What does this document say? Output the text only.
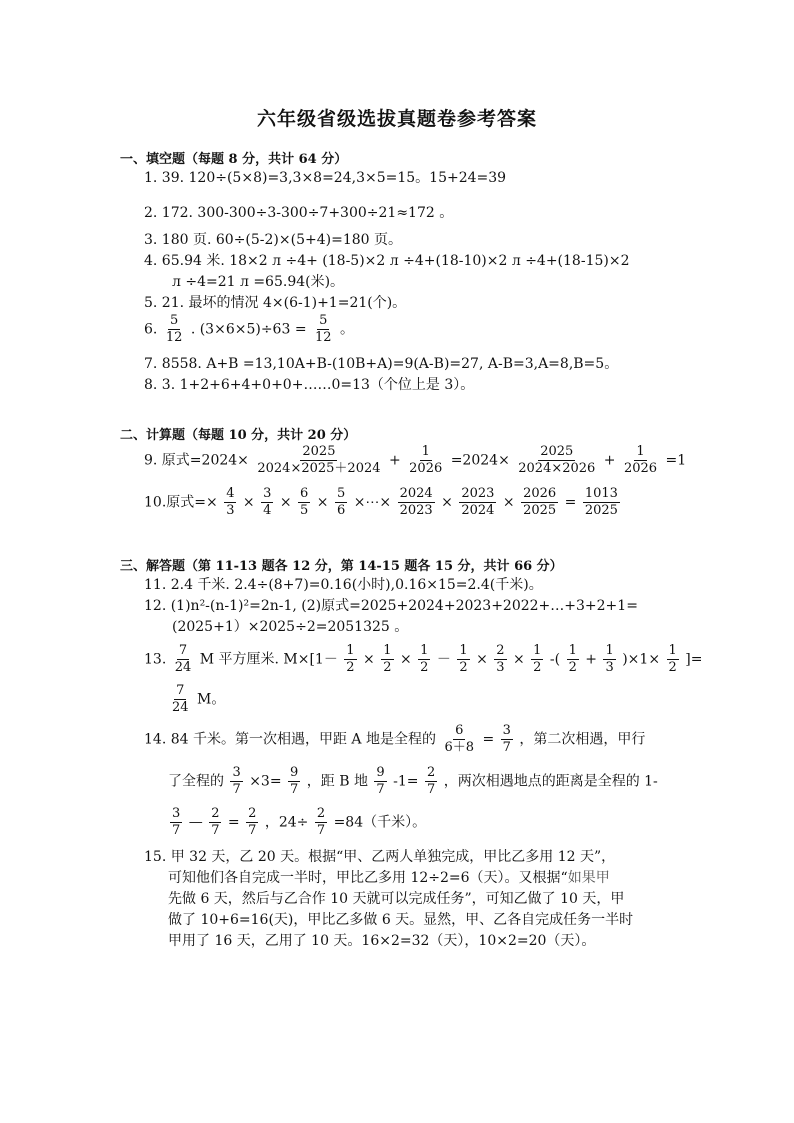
六年级省级选拔真题卷参考答案
一、填空题（每题 8 分，共计 64 分）
1. 39. 120÷(5×8)=3,3×8=24,3×5=15。15+24=39
2. 172. 300-300÷3-300÷7+300÷21≈172 。
3. 180 页. 60÷(5-2)×(5+4)=180 页。
4. 65.94 米. 18×2 л ÷4+ (18-5)×2 л ÷4+(18-10)×2 л ÷4+(18-15)×2
л ÷4=21 л =65.94(米)。
5. 21. 最坏的情况 4×(6-1)+1=21(个)。
6. $\frac{5}{12}$ . $(3\times 6\times 5)\div 63 = \frac{5}{12}$ 。
7. 8558. A+B =13,10A+B-(10B+A)=9(A-B)=27, A-B=3,A=8,B=5。
8. 3. 1+2+6+4+0+0+……0=13（个位上是 3）。
二、计算题（每题 10 分，共计 20 分）
9. 原式$=2024\times \frac{2025}{2024\times 2025+2024} + \frac{1}{2026} =2024\times \frac{2025}{2024\times 2026} + \frac{1}{2026} =1$
10.原式=× $\frac{4}{3} \times \frac{3}{4} \times \frac{6}{5} \times \frac{5}{6}$ ×⋯× $\frac{2024}{2023} \times \frac{2023}{2024} \times \frac{2026}{2025} = \frac{1013}{2025}$
三、解答题（第 11-13 题各 12 分，第 14-15 题各 15 分，共计 66 分）
11. 2.4 千米. 2.4÷(8+7)=0.16(小时),0.16×15=2.4(千米)。
12. (1)n²-(n-1)²=2n-1, (2)原式=2025+2024+2023+2022+…+3+2+1=
(2025+1）×2025÷2=2051325 。
13. $\frac{7}{24}$ M 平方厘米. $M\times[1- \frac{1}{2} \times \frac{1}{2} \times \frac{1}{2} - \frac{1}{2} \times \frac{2}{3} \times \frac{1}{2}$ -( $\frac{1}{2} + \frac{1}{3} )\times 1\times \frac{1}{2}$ ]=
$\frac{7}{24}$ M。
14. 84 千米。第一次相遇，甲距 A 地是全程的 $\frac{6}{6+8} = \frac{3}{7}$ ，第二次相遇，甲行
了全程的 $\frac{3}{7} \times 3= \frac{9}{7}$ ，距 B 地 $\frac{9}{7} -1= \frac{2}{7}$ ，两次相遇地点的距离是全程的 1-
$\frac{3}{7}$ — $\frac{2}{7} = \frac{2}{7}$ ，$24\div \frac{2}{7} =84$（千米）。
15. 甲 32 天，乙 20 天。根据“甲、乙两人单独完成，甲比乙多用 12 天”，
可知他们各自完成一半时，甲比乙多用 12÷2=6（天）。又根据“如果甲
先做 6 天，然后与乙合作 10 天就可以完成任务”，可知乙做了 10 天，甲
做了 10+6=16(天)，甲比乙多做 6 天。显然，甲、乙各自完成任务一半时
甲用了 16 天，乙用了 10 天。16×2=32（天），10×2=20（天）。
